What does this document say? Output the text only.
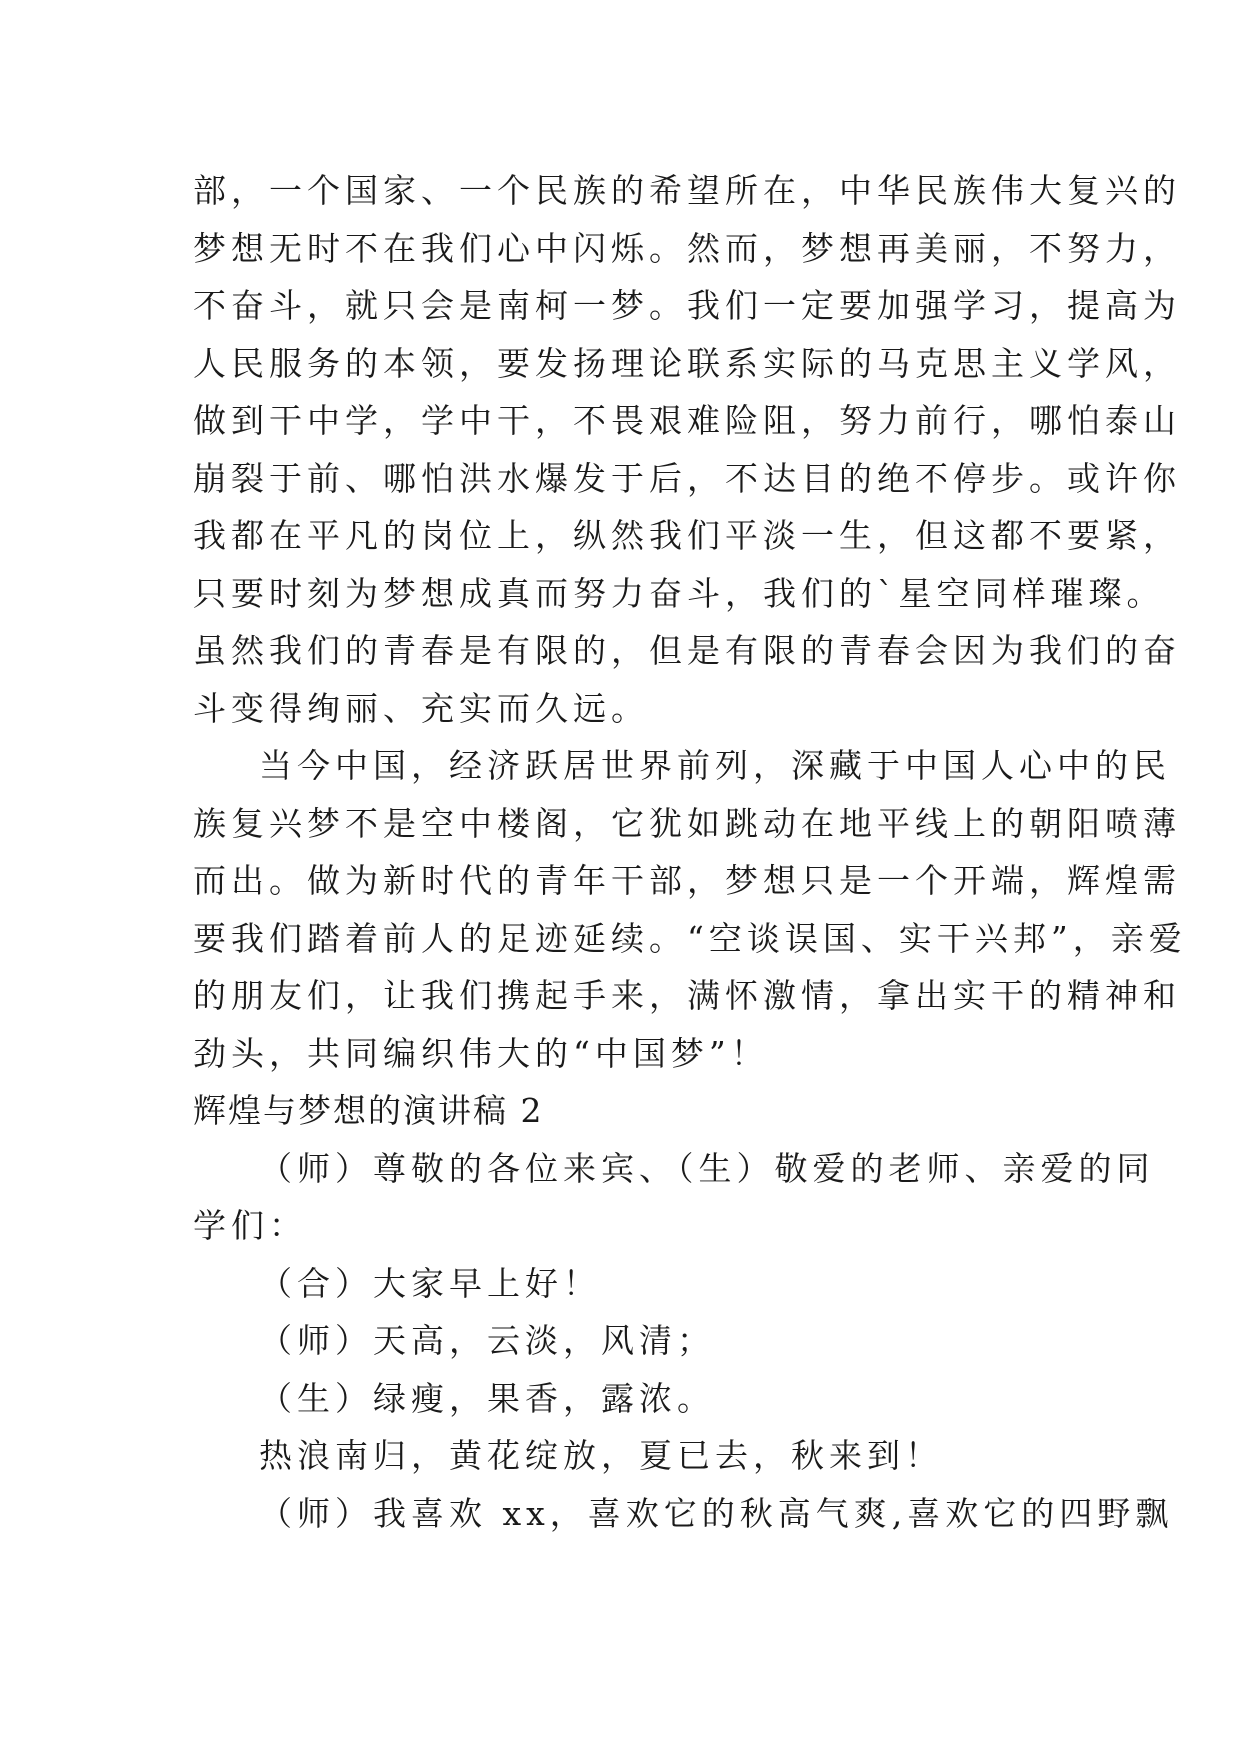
部，一个国家、一个民族的希望所在，中华民族伟大复兴的

梦想无时不在我们心中闪烁。然而，梦想再美丽，不努力，

不奋斗，就只会是南柯一梦。我们一定要加强学习，提高为

人民服务的本领，要发扬理论联系实际的马克思主义学风，

做到干中学，学中干，不畏艰难险阻，努力前行，哪怕泰山

崩裂于前、哪怕洪水爆发于后，不达目的绝不停步。或许你

我都在平凡的岗位上，纵然我们平淡一生，但这都不要紧，

只要时刻为梦想成真而努力奋斗，我们的`星空同样璀璨。

虽然我们的青春是有限的，但是有限的青春会因为我们的奋

斗变得绚丽、充实而久远。

当今中国，经济跃居世界前列，深藏于中国人心中的民

族复兴梦不是空中楼阁，它犹如跳动在地平线上的朝阳喷薄

而出。做为新时代的青年干部，梦想只是一个开端，辉煌需

要我们踏着前人的足迹延续。“空谈误国、实干兴邦”，亲爱

的朋友们，让我们携起手来，满怀激情，拿出实干的精神和

劲头，共同编织伟大的“中国梦”！

辉煌与梦想的演讲稿 2

（师）尊敬的各位来宾、（生）敬爱的老师、亲爱的同

学们：

（合）大家早上好！

（师）天高，云淡，风清；

（生）绿瘦，果香，露浓。

热浪南归，黄花绽放，夏已去，秋来到！

（师）我喜欢 xx，喜欢它的秋高气爽,喜欢它的四野飘
